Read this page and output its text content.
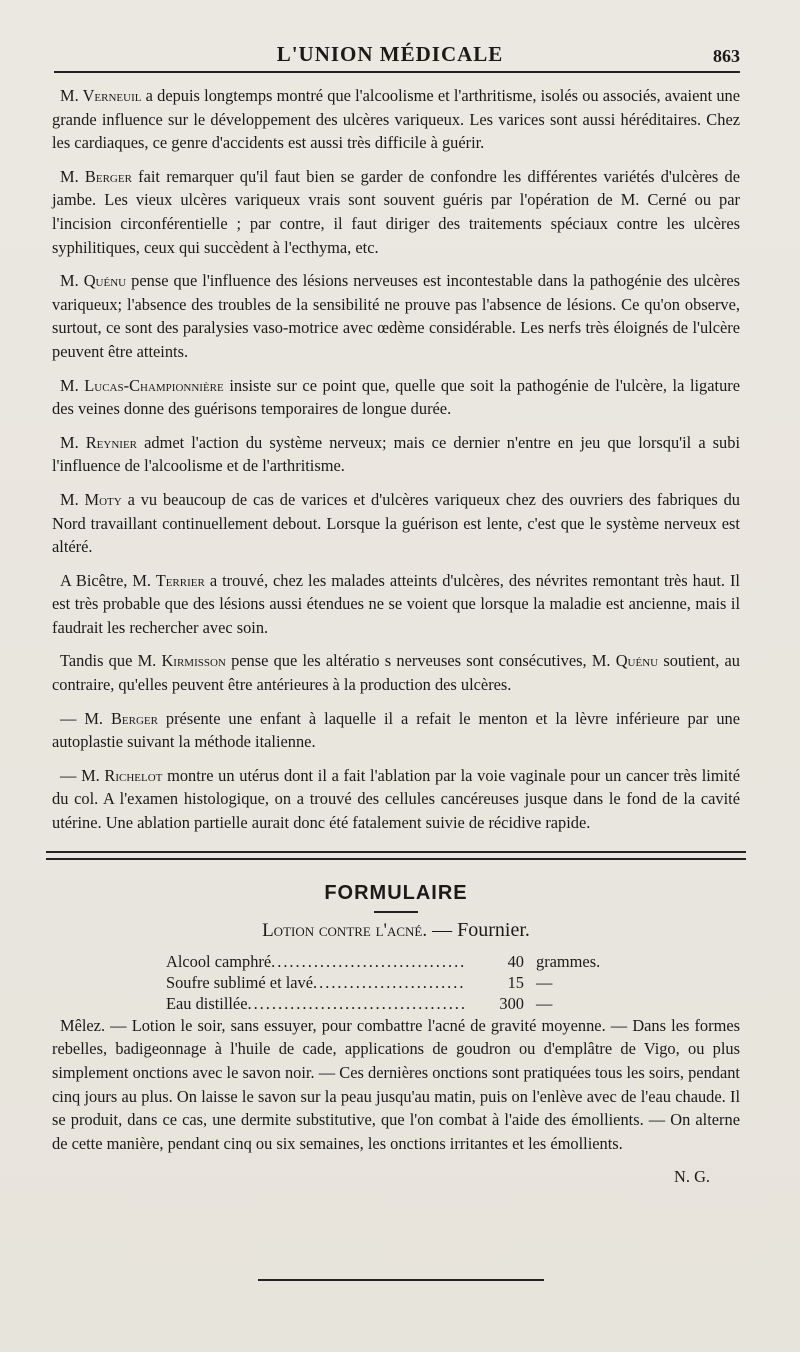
L'UNION MÉDICALE	863

M. Verneuil a depuis longtemps montré que l'alcoolisme et l'arthritisme, isolés ou associés, avaient une grande influence sur le développement des ulcères variqueux. Les varices sont aussi héréditaires. Chez les cardiaques, ce genre d'accidents est aussi très difficile à guérir.

M. Berger fait remarquer qu'il faut bien se garder de confondre les différentes variétés d'ulcères de jambe. Les vieux ulcères variqueux vrais sont souvent guéris par l'opération de M. Cerné ou par l'incision circonférentielle ; par contre, il faut diriger des traitements spéciaux contre les ulcères syphilitiques, ceux qui succèdent à l'ecthyma, etc.

M. Quénu pense que l'influence des lésions nerveuses est incontestable dans la pathogénie des ulcères variqueux; l'absence des troubles de la sensibilité ne prouve pas l'absence de lésions. Ce qu'on observe, surtout, ce sont des paralysies vaso-motrice avec œdème considérable. Les nerfs très éloignés de l'ulcère peuvent être atteints.

M. Lucas-Championnière insiste sur ce point que, quelle que soit la pathogénie de l'ulcère, la ligature des veines donne des guérisons temporaires de longue durée.

M. Reynier admet l'action du système nerveux; mais ce dernier n'entre en jeu que lorsqu'il a subi l'influence de l'alcoolisme et de l'arthritisme.

M. Moty a vu beaucoup de cas de varices et d'ulcères variqueux chez des ouvriers des fabriques du Nord travaillant continuellement debout. Lorsque la guérison est lente, c'est que le système nerveux est altéré.

A Bicêtre, M. Terrier a trouvé, chez les malades atteints d'ulcères, des névrites remontant très haut. Il est très probable que des lésions aussi étendues ne se voient que lorsque la maladie est ancienne, mais il faudrait les rechercher avec soin.

Tandis que M. Kirmisson pense que les altératio s nerveuses sont consécutives, M. Quénu soutient, au contraire, qu'elles peuvent être antérieures à la production des ulcères.

— M. Berger présente une enfant à laquelle il a refait le menton et la lèvre inférieure par une autoplastie suivant la méthode italienne.

— M. Richelot montre un utérus dont il a fait l'ablation par la voie vaginale pour un cancer très limité du col. A l'examen histologique, on a trouvé des cellules cancéreuses jusque dans le fond de la cavité utérine. Une ablation partielle aurait donc été fatalement suivie de récidive rapide.

FORMULAIRE
Lotion contre l'acné. — Fournier.
Alcool camphré .....	40 grammes.
Soufre sublimé et lavé .....	15 —
Eau distillée .....	300 —

Mêlez. — Lotion le soir, sans essuyer, pour combattre l'acné de gravité moyenne. — Dans les formes rebelles, badigeonnage à l'huile de cade, applications de goudron ou d'emplâtre de Vigo, ou plus simplement onctions avec le savon noir. — Ces dernières onctions sont pratiquées tous les soirs, pendant cinq jours au plus. On laisse le savon sur la peau jusqu'au matin, puis on l'enlève avec de l'eau chaude. Il se produit, dans ce cas, une dermite substitutive, que l'on combat à l'aide des émollients. — On alterne de cette manière, pendant cinq ou six semaines, les onctions irritantes et les émollients.

N. G.
